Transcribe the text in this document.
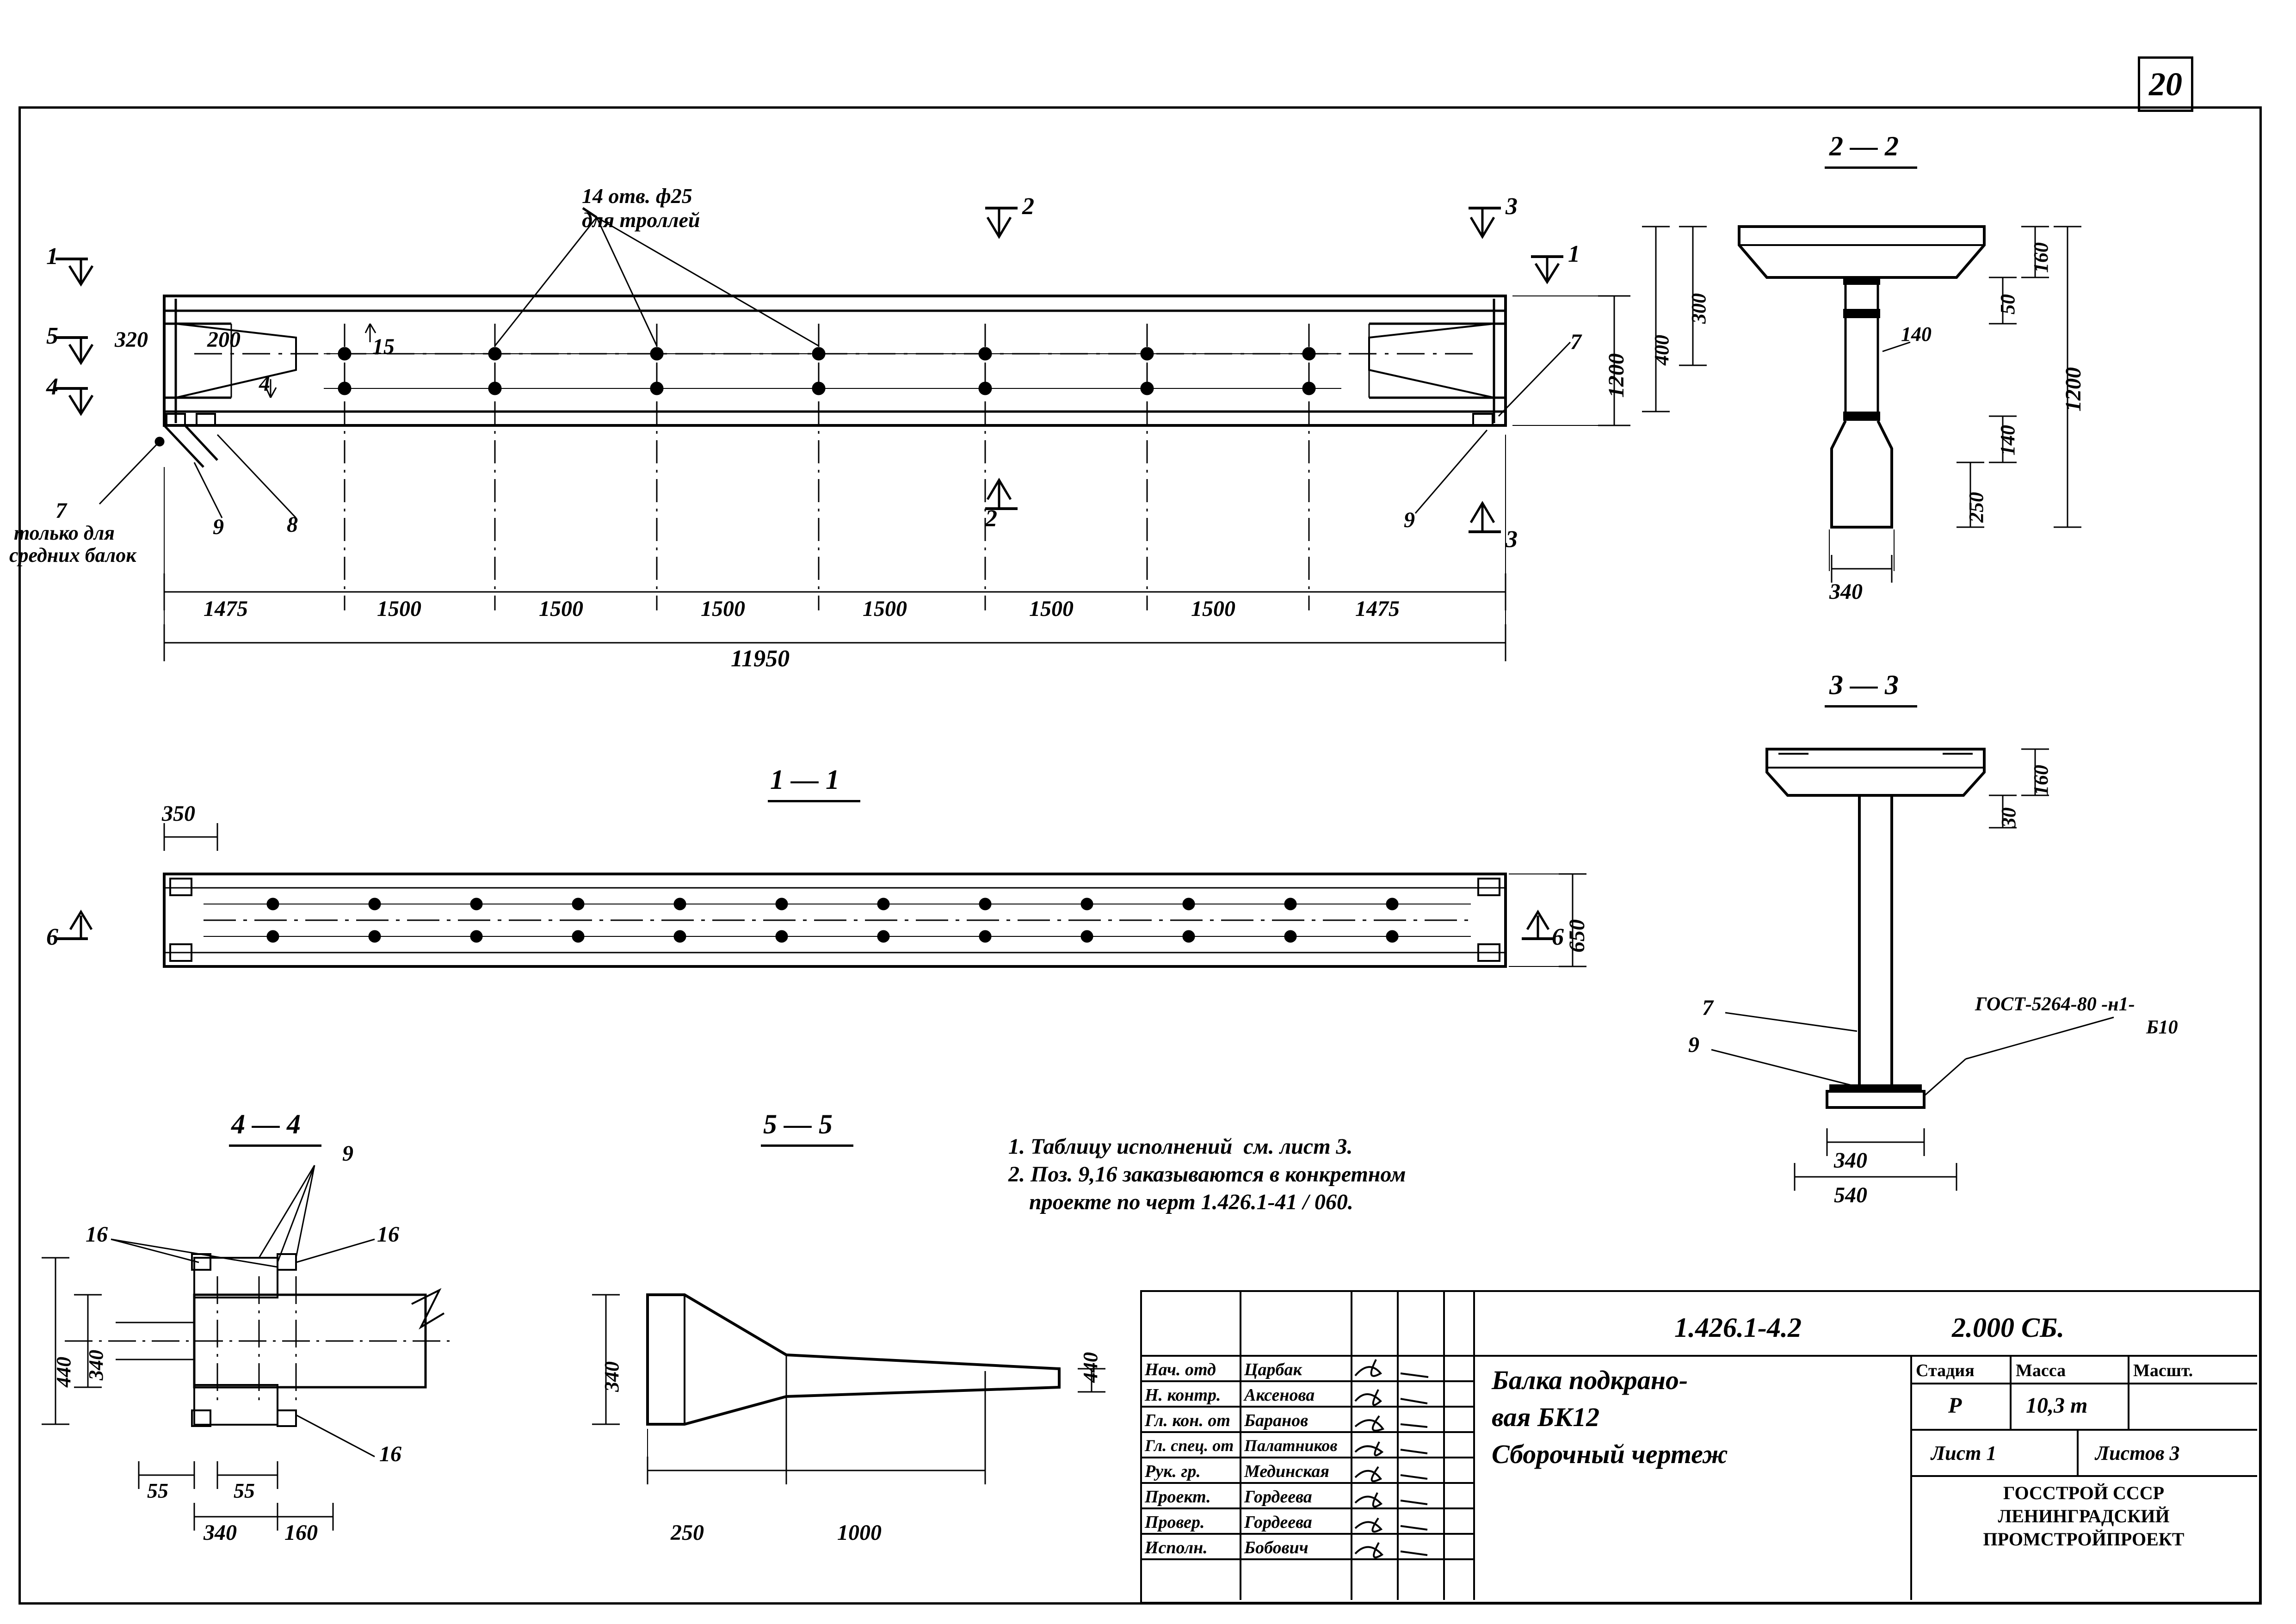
20
14 отв. ф25
для троллей
1
5
4
2
2
3
3
1
320	200	15
4
7
9	8
7
9
только для
средних балок
1200
1475	1500	1500	1500	1500	1500	1500	1475
11950
1 — 1
350
650
6	6
2 — 2
160
300	50
400
140
140
250
1200
340
3 — 3
160
30
340
540
7
9
ГОСТ-5264-80 -н1-
Б10
4 — 4
9
16	16
16
340
440
55	55
340 160
5 — 5
340	440
250	1000
1. Таблицу исполнений  см. лист 3.
2. Поз. 9,16 заказываются в конкретном
проекте по черт 1.426.1-41 / 060.
1.426.1-4.2	2.000 СБ.
Балка подкрано-
вая БК12
Сборочный чертеж
Стадия Масса	Масшт.
Р	10,3 т
Лист 1	Листов 3
ГОССТРОЙ СССР
ЛЕНИНГРАДСКИЙ
ПРОМСТРОЙПРОЕКТ
Нач. отд Царбак
Н. контр. Аксенова
Гл. кон. от Баранов
Гл. спец. от Палатников
Рук. гр. Мединская
Проект. Гордеева
Провер. Гордеева
Исполн. Бобович
